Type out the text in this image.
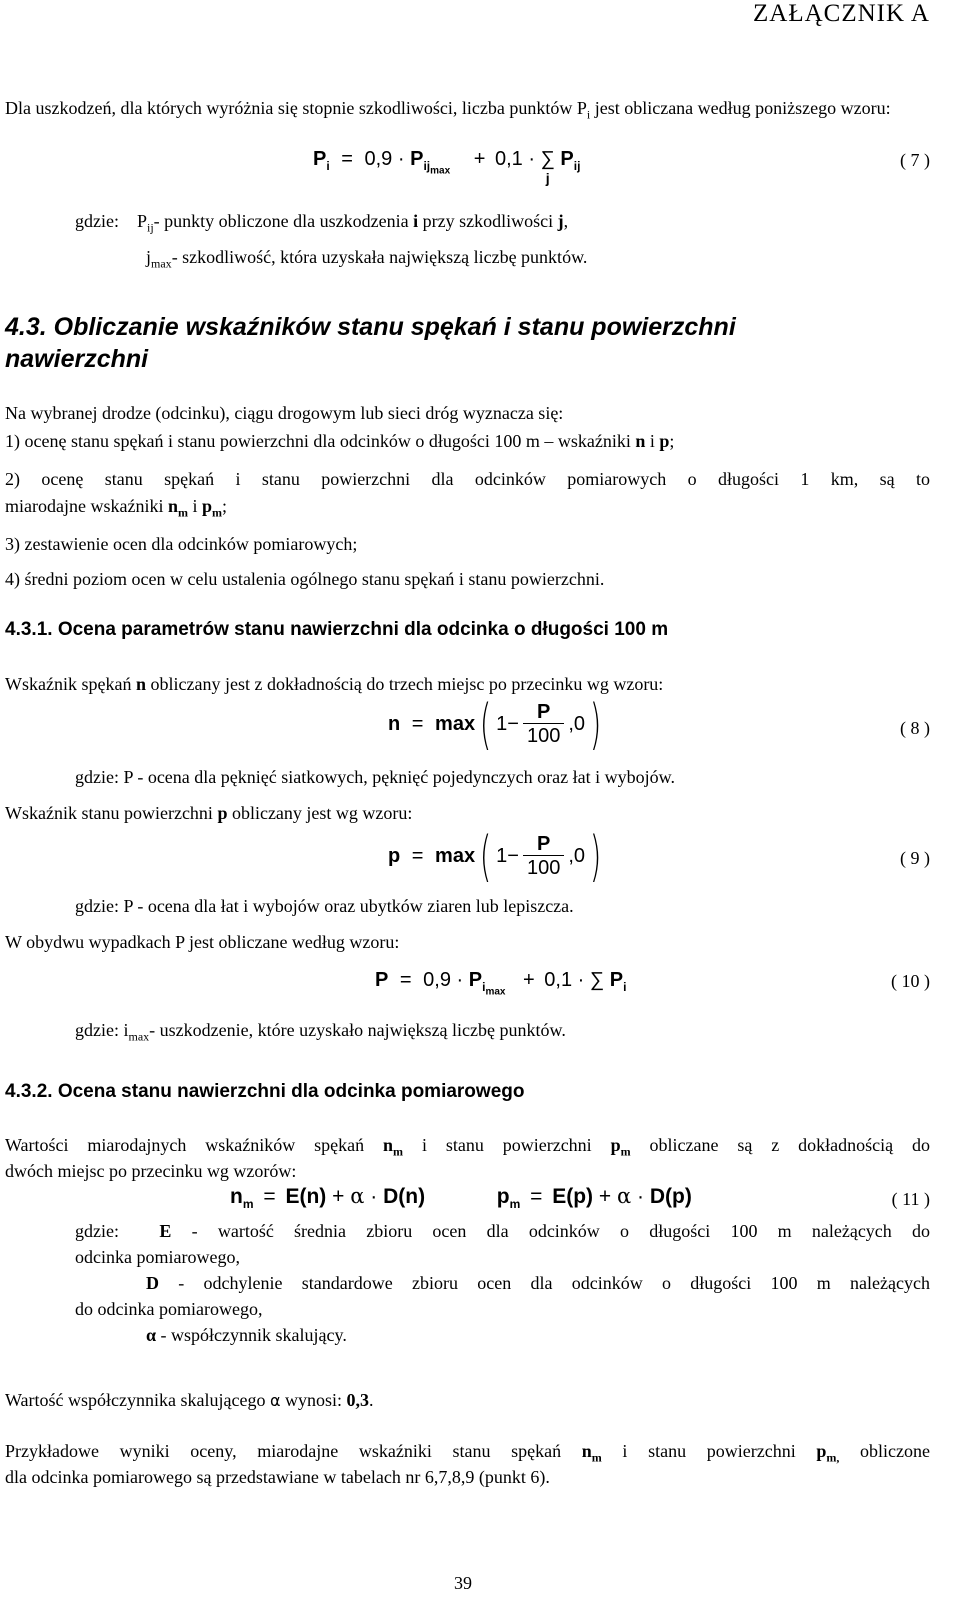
ZAŁĄCZNIK A
Dla uszkodzeń, dla których wyróżnia się stopnie szkodliwości, liczba punktów $P_i$ jest obliczana według poniższego wzoru:
$P_i = 0,9 \cdot P_{ij_{max}} + 0,1$ · ∑
j
$P_{ij}$	( 7 )
gdzie: $P_{ij}-$ punkty obliczone dla uszkodzenia i przy szkodliwości j,
$j_{max}-$ szkodliwość, która uzyskała największą liczbę punktów.
4.3. Obliczanie wskaźników stanu spękań i stanu powierzchni
nawierzchni
Na wybranej drodze (odcinku), ciągu drogowym lub sieci dróg wyznacza się:
1) ocenę stanu spękań i stanu powierzchni dla odcinków o długości 100 m – wskaźniki n i p;
2) ocenę stanu spękań i stanu powierzchni dla odcinków pomiarowych o długości 1 km, są to
miarodajne wskaźniki $n_m$ i $p_m$;
3) zestawienie ocen dla odcinków pomiarowych;
4) średni poziom ocen w celu ustalenia ogólnego stanu spękań i stanu powierzchni.
4.3.1. Ocena parametrów stanu nawierzchni dla odcinka o długości 100 m
Wskaźnik spękań n obliczany jest z dokładnością do trzech miejsc po przecinku wg wzoru:
n = max( $1- \frac{P}{100} ,0$)	( 8 )
gdzie: P - ocena dla pęknięć siatkowych, pęknięć pojedynczych oraz łat i wybojów.
Wskaźnik stanu powierzchni p obliczany jest wg wzoru:
p = max( $1- \frac{P}{100} ,0$)	( 9 )
gdzie: P - ocena dla łat i wybojów oraz ubytków ziaren lub lepiszcza.
W obydwu wypadkach P jest obliczane według wzoru:
$P = 0,9 \cdot P_{i_{max}} + 0,1$ · ∑ $P_i$	( 10 )
gdzie: $i_{max}-$ uszkodzenie, które uzyskało największą liczbę punktów.
4.3.2. Ocena stanu nawierzchni dla odcinka pomiarowego
Wartości miarodajnych wskaźników spękań $n_m$ i stanu powierzchni $p_m$ obliczane są z dokładnością do
dwóch miejsc po przecinku wg wzorów:
$n_m = E(n) + \alpha \cdot D(n)$	$p_m = E(p) + \alpha \cdot D(p)$	( 11 )
gdzie: E - wartość średnia zbioru ocen dla odcinków o długości 100 m należących do
odcinka pomiarowego,
D - odchylenie standardowe zbioru ocen dla odcinków o długości 100 m należących
do odcinka pomiarowego,
α - współczynnik skalujący.
Wartość współczynnika skalującego α wynosi: 0,3.
Przykładowe wyniki oceny, miarodajne wskaźniki stanu spękań $n_m$ i stanu powierzchni $p_{m,}$ obliczone
dla odcinka pomiarowego są przedstawiane w tabelach nr 6,7,8,9 (punkt 6).
39
